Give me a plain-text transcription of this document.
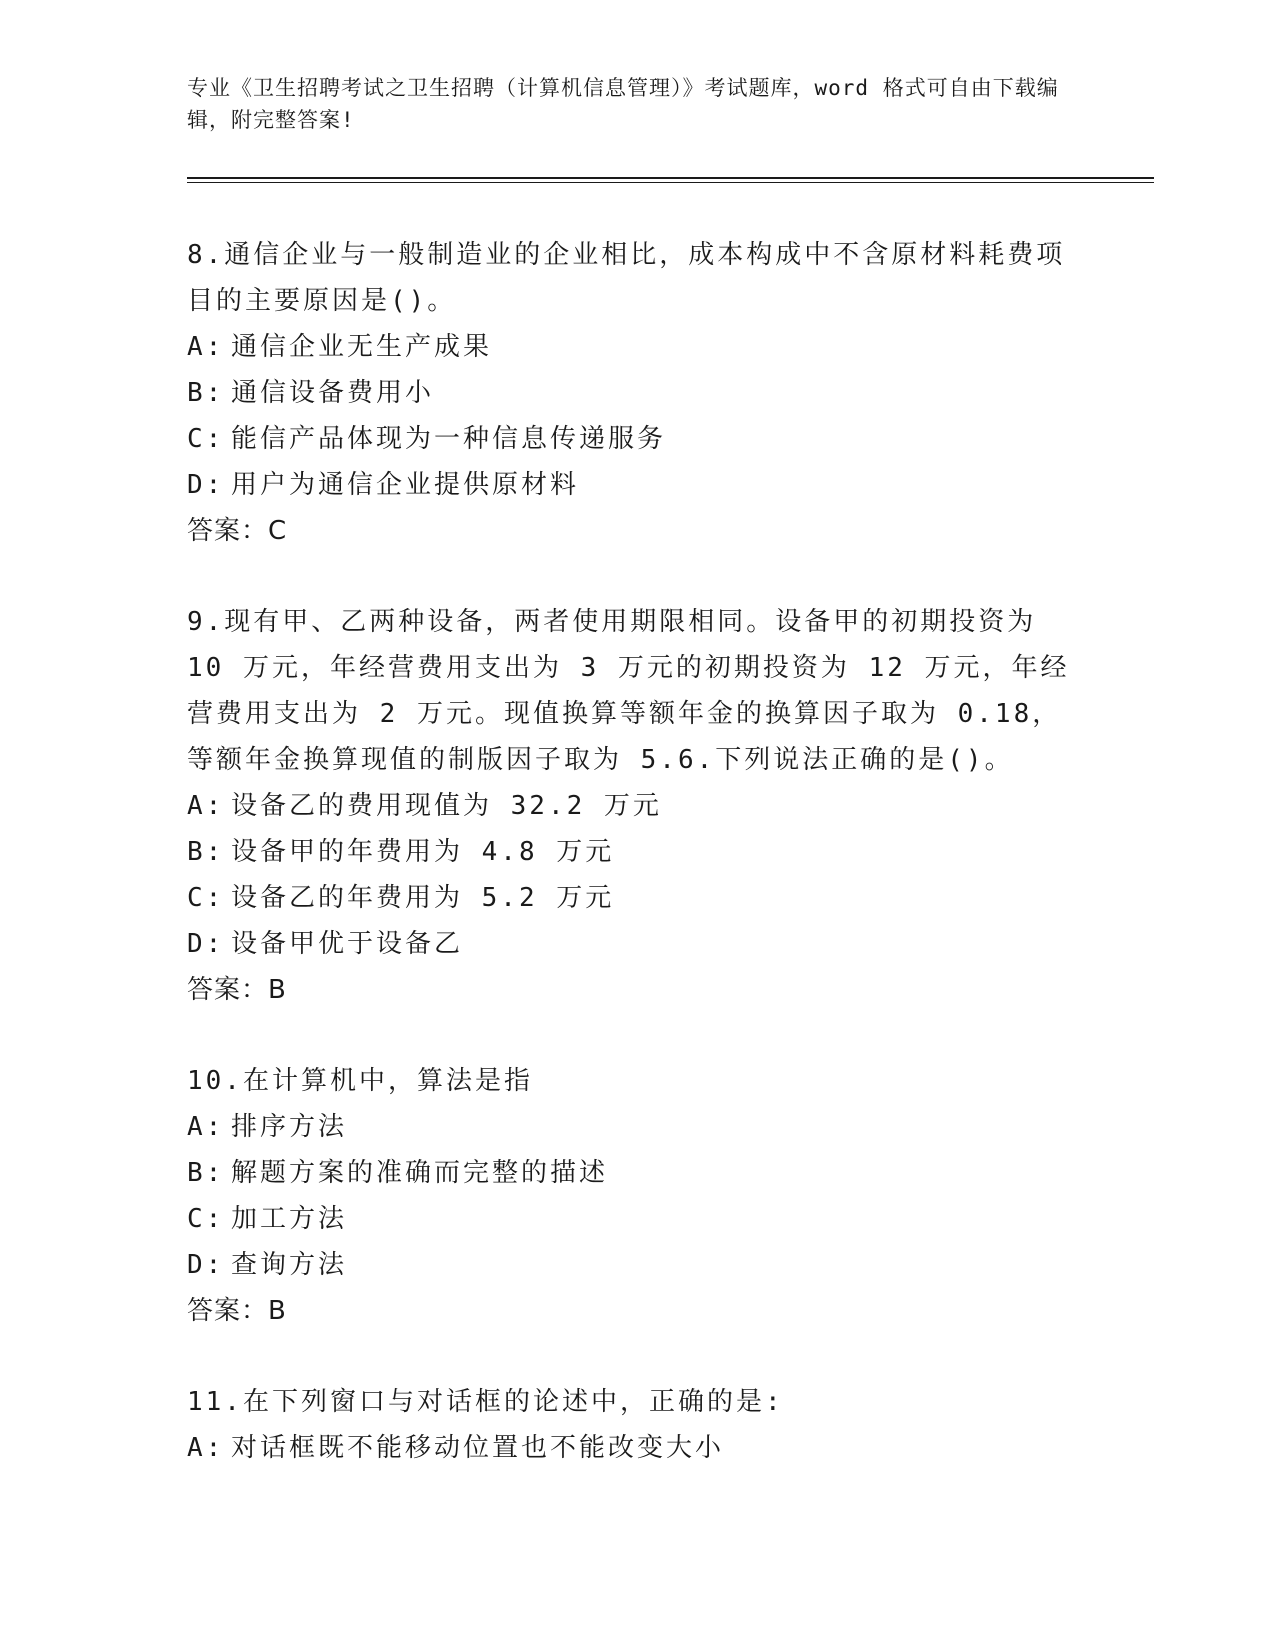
专业《卫生招聘考试之卫生招聘（计算机信息管理）》考试题库，word 格式可自由下载编辑，附完整答案!

8.通信企业与一般制造业的企业相比，成本构成中不含原材料耗费项目的主要原因是()。

A: 通信企业无生产成果

B: 通信设备费用小

C: 能信产品体现为一种信息传递服务

D: 用户为通信企业提供原材料

答案：C

9.现有甲、乙两种设备，两者使用期限相同。设备甲的初期投资为 10 万元，年经营费用支出为 3 万元的初期投资为 12 万元，年经营费用支出为 2 万元。现值换算等额年金的换算因子取为 0.18，等额年金换算现值的制版因子取为 5.6.下列说法正确的是()。

A: 设备乙的费用现值为 32.2 万元

B: 设备甲的年费用为 4.8 万元

C: 设备乙的年费用为 5.2 万元

D: 设备甲优于设备乙

答案：B

10.在计算机中，算法是指

A: 排序方法

B: 解题方案的准确而完整的描述

C: 加工方法

D: 查询方法

答案：B

11.在下列窗口与对话框的论述中，正确的是:

A: 对话框既不能移动位置也不能改变大小
